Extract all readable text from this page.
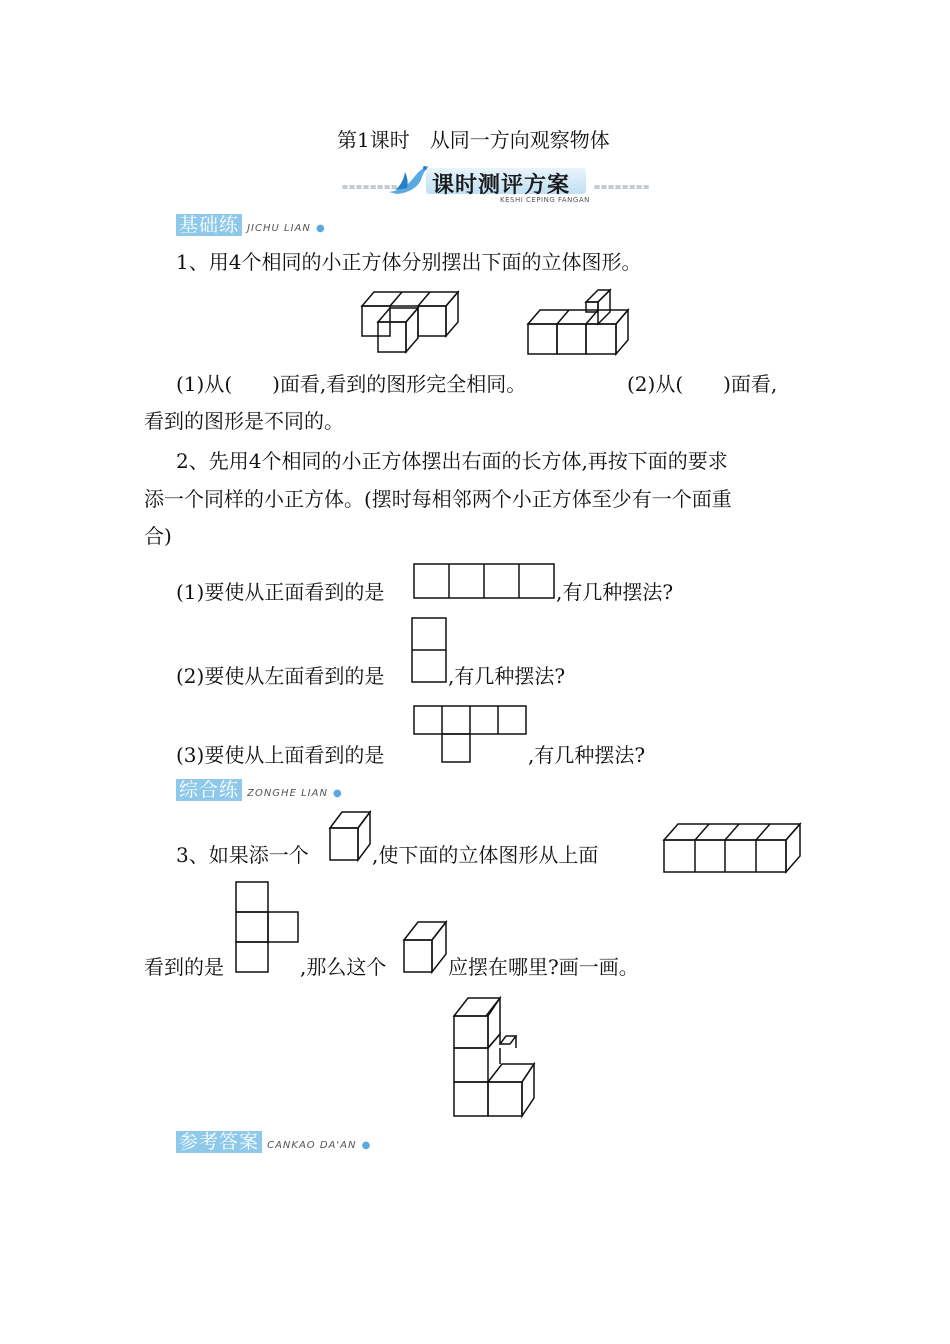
第1课时　从同一方向观察物体
======== 课时测评方案 ========
KESHI CEPING FANGAN
基础练 JICHU LIAN ●
1、用4个相同的小正方体分别摆出下面的立体图形。
(1)从(　　)面看,看到的图形完全相同。	(2)从(　　)面看,
看到的图形是不同的。
2、先用4个相同的小正方体摆出右面的长方体,再按下面的要求
添一个同样的小正方体。(摆时每相邻两个小正方体至少有一个面重
合)
(1)要使从正面看到的是	,有几种摆法?
(2)要使从左面看到的是	,有几种摆法?
(3)要使从上面看到的是	,有几种摆法?
综合练 ZONGHE LIAN ●
3、如果添一个	,使下面的立体图形从上面
看到的是	,那么这个	应摆在哪里?画一画。
参考答案 CANKAO DA'AN ●
